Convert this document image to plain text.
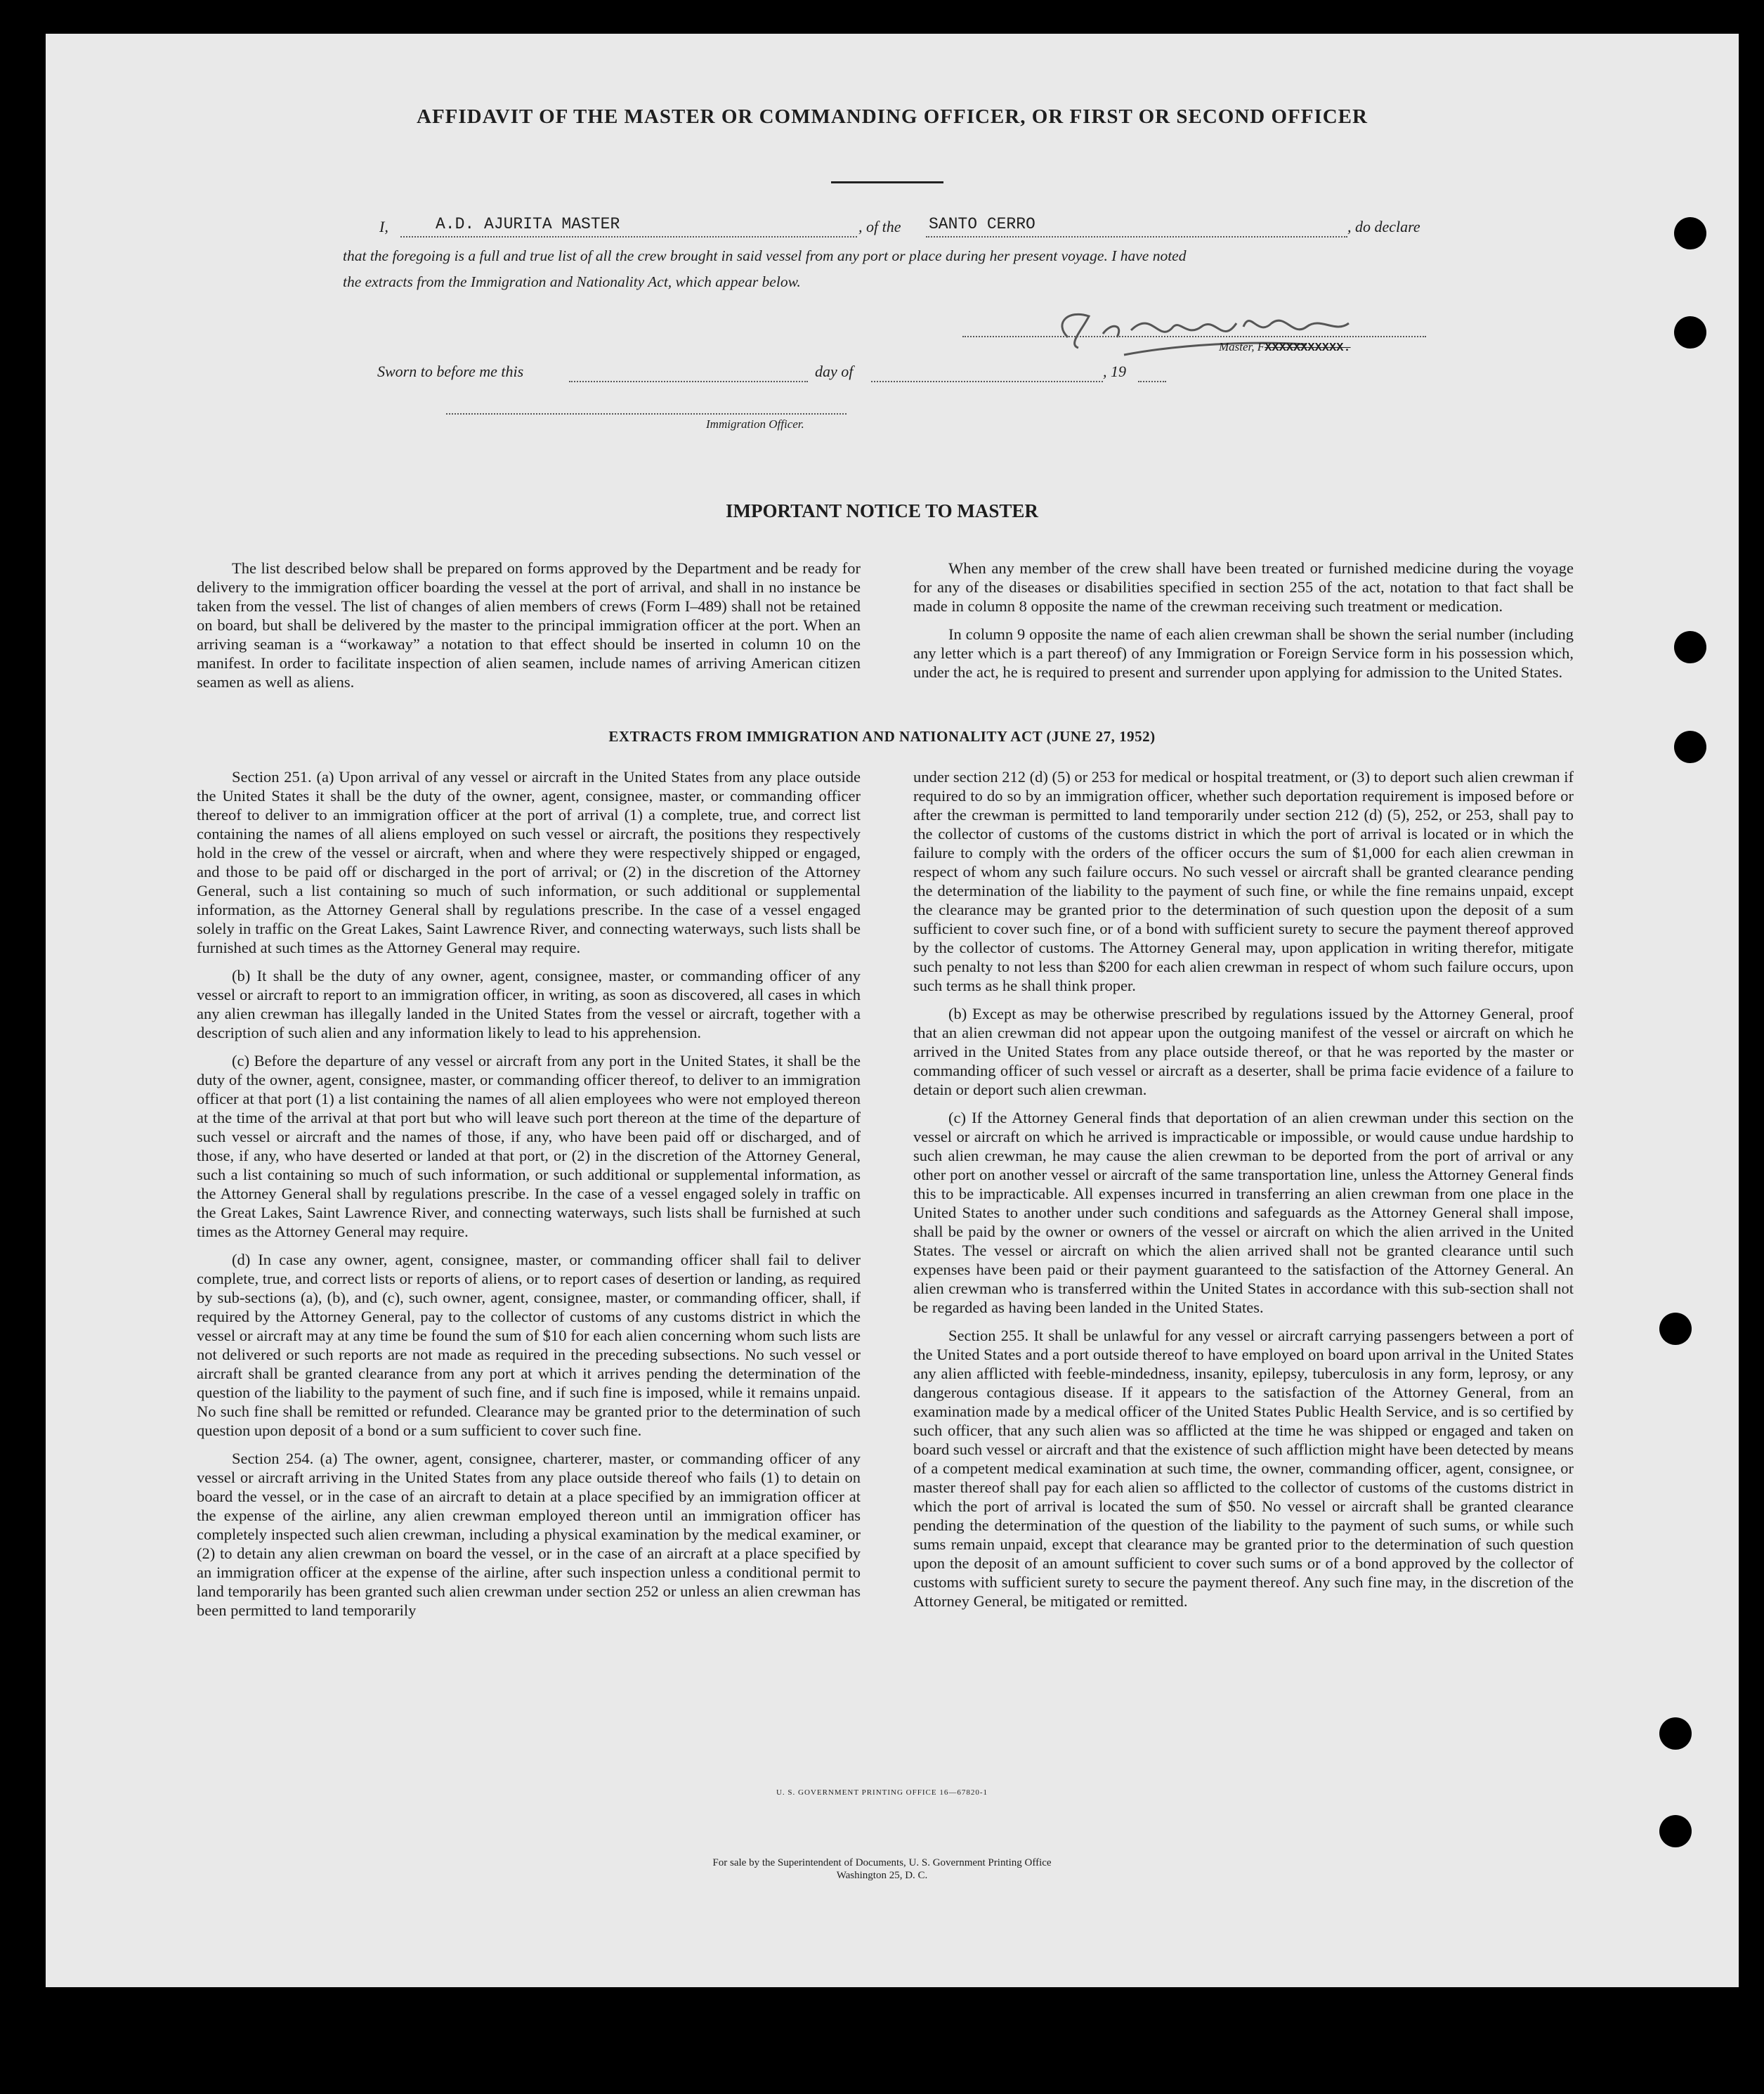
AFFIDAVIT OF THE MASTER OR COMMANDING OFFICER, OR FIRST OR SECOND OFFICER
I,	A.D. AJURITA MASTER	, of the SANTO CERRO	, do declare
that the foregoing is a full and true list of all the crew brought in said vessel from any port or place during her present voyage. I have noted
the extracts from the Immigration and Nationality Act, which appear below.
Master, FXXXXXXXXXXX.
Sworn to before me this	day of	, 19
Immigration Officer.
IMPORTANT NOTICE TO MASTER

The list described below shall be prepared on forms approved by the Department and be ready for delivery to the immigration officer boarding the vessel at the port of arrival, and shall in no instance be taken from the vessel. The list of changes of alien members of crews (Form I–489) shall not be retained on board, but shall be delivered by the master to the principal immigration officer at the port. When an arriving seaman is a “workaway” a notation to that effect should be inserted in column 10 on the manifest. In order to facilitate inspection of alien seamen, include names of arriving American citizen seamen as well as aliens.

When any member of the crew shall have been treated or furnished medicine during the voyage for any of the diseases or disabilities specified in section 255 of the act, notation to that fact shall be made in column 8 opposite the name of the crewman receiving such treatment or medication.

In column 9 opposite the name of each alien crewman shall be shown the serial number (including any letter which is a part thereof) of any Immigration or Foreign Service form in his possession which, under the act, he is required to present and surrender upon applying for admission to the United States.

EXTRACTS FROM IMMIGRATION AND NATIONALITY ACT (JUNE 27, 1952)

Section 251. (a) Upon arrival of any vessel or aircraft in the United States from any place outside the United States it shall be the duty of the owner, agent, consignee, master, or commanding officer thereof to deliver to an immigration officer at the port of arrival (1) a complete, true, and correct list containing the names of all aliens employed on such vessel or aircraft, the positions they respectively hold in the crew of the vessel or aircraft, when and where they were respectively shipped or engaged, and those to be paid off or discharged in the port of arrival; or (2) in the discretion of the Attorney General, such a list containing so much of such information, or such additional or supplemental information, as the Attorney General shall by regulations prescribe. In the case of a vessel engaged solely in traffic on the Great Lakes, Saint Lawrence River, and connecting waterways, such lists shall be furnished at such times as the Attorney General may require.

(b) It shall be the duty of any owner, agent, consignee, master, or commanding officer of any vessel or aircraft to report to an immigration officer, in writing, as soon as discovered, all cases in which any alien crewman has illegally landed in the United States from the vessel or aircraft, together with a description of such alien and any information likely to lead to his apprehension.

(c) Before the departure of any vessel or aircraft from any port in the United States, it shall be the duty of the owner, agent, consignee, master, or commanding officer thereof, to deliver to an immigration officer at that port (1) a list containing the names of all alien employees who were not employed thereon at the time of the arrival at that port but who will leave such port thereon at the time of the departure of such vessel or aircraft and the names of those, if any, who have been paid off or discharged, and of those, if any, who have deserted or landed at that port, or (2) in the discretion of the Attorney General, such a list containing so much of such information, or such additional or supplemental information, as the Attorney General shall by regulations prescribe. In the case of a vessel engaged solely in traffic on the Great Lakes, Saint Lawrence River, and connecting waterways, such lists shall be furnished at such times as the Attorney General may require.

(d) In case any owner, agent, consignee, master, or commanding officer shall fail to deliver complete, true, and correct lists or reports of aliens, or to report cases of desertion or landing, as required by sub-sections (a), (b), and (c), such owner, agent, consignee, master, or commanding officer, shall, if required by the Attorney General, pay to the collector of customs of any customs district in which the vessel or aircraft may at any time be found the sum of $10 for each alien concerning whom such lists are not delivered or such reports are not made as required in the preceding subsections. No such vessel or aircraft shall be granted clearance from any port at which it arrives pending the determination of the question of the liability to the payment of such fine, and if such fine is imposed, while it remains unpaid. No such fine shall be remitted or refunded. Clearance may be granted prior to the determination of such question upon deposit of a bond or a sum sufficient to cover such fine.

Section 254. (a) The owner, agent, consignee, charterer, master, or commanding officer of any vessel or aircraft arriving in the United States from any place outside thereof who fails (1) to detain on board the vessel, or in the case of an aircraft to detain at a place specified by an immigration officer at the expense of the airline, any alien crewman employed thereon until an immigration officer has completely inspected such alien crewman, including a physical examination by the medical examiner, or (2) to detain any alien crewman on board the vessel, or in the case of an aircraft at a place specified by an immigration officer at the expense of the airline, after such inspection unless a conditional permit to land temporarily has been granted such alien crewman under section 252 or unless an alien crewman has been permitted to land temporarily

under section 212 (d) (5) or 253 for medical or hospital treatment, or (3) to deport such alien crewman if required to do so by an immigration officer, whether such deportation requirement is imposed before or after the crewman is permitted to land temporarily under section 212 (d) (5), 252, or 253, shall pay to the collector of customs of the customs district in which the port of arrival is located or in which the failure to comply with the orders of the officer occurs the sum of $1,000 for each alien crewman in respect of whom any such failure occurs. No such vessel or aircraft shall be granted clearance pending the determination of the liability to the payment of such fine, or while the fine remains unpaid, except the clearance may be granted prior to the determination of such question upon the deposit of a sum sufficient to cover such fine, or of a bond with sufficient surety to secure the payment thereof approved by the collector of customs. The Attorney General may, upon application in writing therefor, mitigate such penalty to not less than $200 for each alien crewman in respect of whom such failure occurs, upon such terms as he shall think proper.

(b) Except as may be otherwise prescribed by regulations issued by the Attorney General, proof that an alien crewman did not appear upon the outgoing manifest of the vessel or aircraft on which he arrived in the United States from any place outside thereof, or that he was reported by the master or commanding officer of such vessel or aircraft as a deserter, shall be prima facie evidence of a failure to detain or deport such alien crewman.

(c) If the Attorney General finds that deportation of an alien crewman under this section on the vessel or aircraft on which he arrived is impracticable or impossible, or would cause undue hardship to such alien crewman, he may cause the alien crewman to be deported from the port of arrival or any other port on another vessel or aircraft of the same transportation line, unless the Attorney General finds this to be impracticable. All expenses incurred in transferring an alien crewman from one place in the United States to another under such conditions and safeguards as the Attorney General shall impose, shall be paid by the owner or owners of the vessel or aircraft on which the alien arrived in the United States. The vessel or aircraft on which the alien arrived shall not be granted clearance until such expenses have been paid or their payment guaranteed to the satisfaction of the Attorney General. An alien crewman who is transferred within the United States in accordance with this sub-section shall not be regarded as having been landed in the United States.

Section 255. It shall be unlawful for any vessel or aircraft carrying passengers between a port of the United States and a port outside thereof to have employed on board upon arrival in the United States any alien afflicted with feeble-mindedness, insanity, epilepsy, tuberculosis in any form, leprosy, or any dangerous contagious disease. If it appears to the satisfaction of the Attorney General, from an examination made by a medical officer of the United States Public Health Service, and is so certified by such officer, that any such alien was so afflicted at the time he was shipped or engaged and taken on board such vessel or aircraft and that the existence of such affliction might have been detected by means of a competent medical examination at such time, the owner, commanding officer, agent, consignee, or master thereof shall pay for each alien so afflicted to the collector of customs of the customs district in which the port of arrival is located the sum of $50. No vessel or aircraft shall be granted clearance pending the determination of the question of the liability to the payment of such sums, or while such sums remain unpaid, except that clearance may be granted prior to the determination of such question upon the deposit of an amount sufficient to cover such sums or of a bond approved by the collector of customs with sufficient surety to secure the payment thereof. Any such fine may, in the discretion of the Attorney General, be mitigated or remitted.

U. S. GOVERNMENT PRINTING OFFICE 16—67820-1
For sale by the Superintendent of Documents, U. S. Government Printing Office
Washington 25, D. C.
